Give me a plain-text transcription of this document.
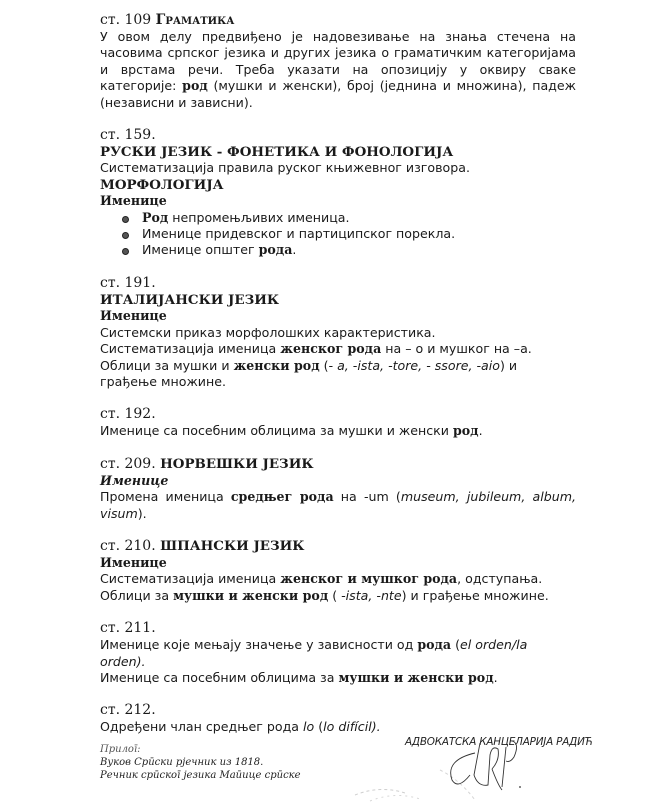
ст. 109 Граматика

У овом делу предвиђено је надовезивање на знања стечена на часовима српског језика и других језика о граматичким категоријама и врстама речи. Треба указати на опозицију у оквиру сваке категорије: род (мушки и женски), број (једнина и множина), падеж (независни и зависни).

ст. 159.
РУСКИ ЈЕЗИК - ФОНЕТИКА И ФОНОЛОГИЈА
Систематизација правила руског књижевног изговора.
МОРФОЛОГИЈА
Именице
Род непромењљивих именица.
Именице придевског и партиципског порекла.
Именице општег рода.
ст. 191.
ИТАЛИЈАНСКИ ЈЕЗИК
Именице
Системски приказ морфолошких карактеристика.
Систематизација именица женског рода на – о и мушког на –а.
Облици за мушки и женски род (- a, -ista, -tore, - ssore, -aio) и грађење множине.
ст. 192.
Именице са посебним облицима за мушки и женски род.
ст. 209. НОРВЕШКИ ЈЕЗИК
Именице
Промена именица средњег рода на -um (museum, jubileum, album, visum).
ст. 210. ШПАНСКИ ЈЕЗИК
Именице
Систематизација именица женског и мушког рода, одступања.
Облици за мушки и женски род ( -ista, -nte) и грађење множине.
ст. 211.
Именице које мењају значење у зависности од рода (el orden/la orden).
Именице са посебним облицима за мушки и женски род.
ст. 212.
Одређени члан средњег рода lo (lo difícil).
Прилоī:
Вуков Срӣски рјечник из 1818.
Речник срӣскоī језика Маӣице срӣске
АДВОКАТСКА КАНЦЕЛАРИЈА РАДИЋ
